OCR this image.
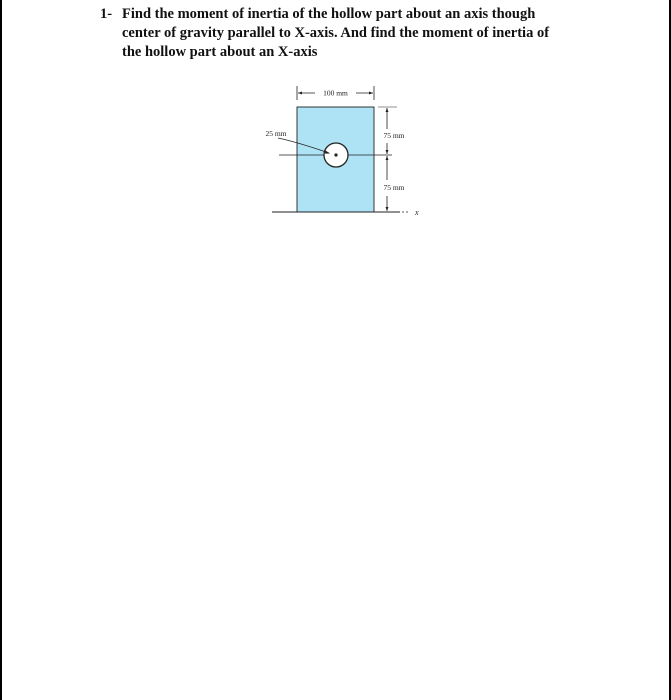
1- Find the moment of inertia of the hollow part about an axis though center of gravity parallel to X-axis. And find the moment of inertia of the hollow part about an X-axis
100 mm
25 mm	75 mm
75 mm
x
